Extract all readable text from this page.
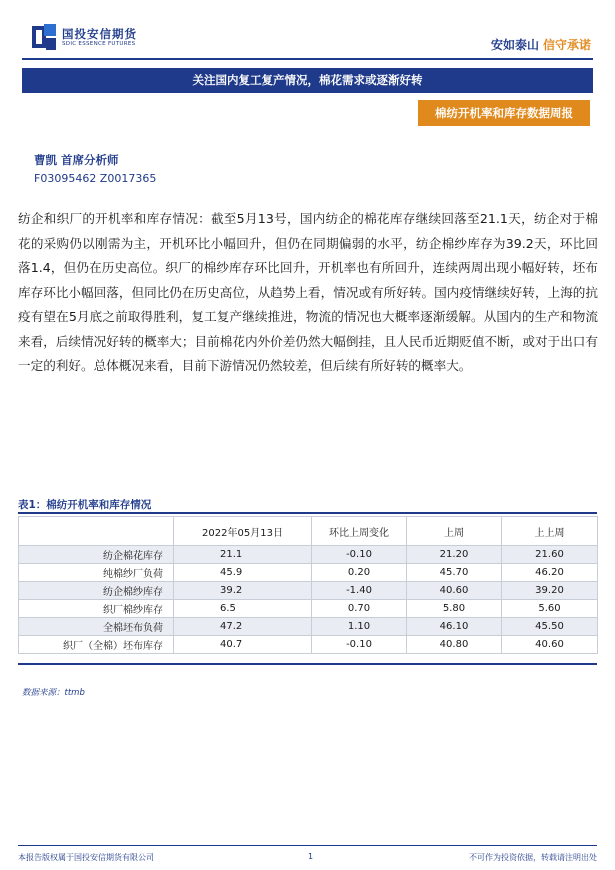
国投安信期货
SDIC ESSENCE FUTURES	安如泰山 信守承诺
关注国内复工复产情况，棉花需求或逐渐好转
棉纺开机率和库存数据周报
曹凯 首席分析师
F03095462 Z0017365

纺企和织厂的开机率和库存情况：截至5月13号，国内纺企的棉花库存继续回落至21.1天，纺企对于棉花的采购仍以刚需为主，开机环比小幅回升，但仍在同期偏弱的水平，纺企棉纱库存为39.2天，环比回落1.4，但仍在历史高位。织厂的棉纱库存环比回升，开机率也有所回升，连续两周出现小幅好转，坯布库存环比小幅回落，但同比仍在历史高位，从趋势上看，情况或有所好转。国内疫情继续好转，上海的抗疫有望在5月底之前取得胜利，复工复产继续推进，物流的情况也大概率逐渐缓解。从国内的生产和物流来看，后续情况好转的概率大；目前棉花内外价差仍然大幅倒挂，且人民币近期贬值不断，或对于出口有一定的利好。总体概况来看，目前下游情况仍然较差，但后续有所好转的概率大。

表1：棉纺开机率和库存情况
	2022年05月13日	环比上周变化	上周	上上周
纺企棉花库存	21.1	-0.10	21.20	21.60
纯棉纱厂负荷	45.9	0.20	45.70	46.20
纺企棉纱库存	39.2	-1.40	40.60	39.20
织厂棉纱库存	6.5	0.70	5.80	5.60
全棉坯布负荷	47.2	1.10	46.10	45.50
织厂（全棉）坯布库存	40.7	-0.10	40.80	40.60
数据来源：ttmb
本报告版权属于国投安信期货有限公司	1	不可作为投资依据，转载请注明出处
